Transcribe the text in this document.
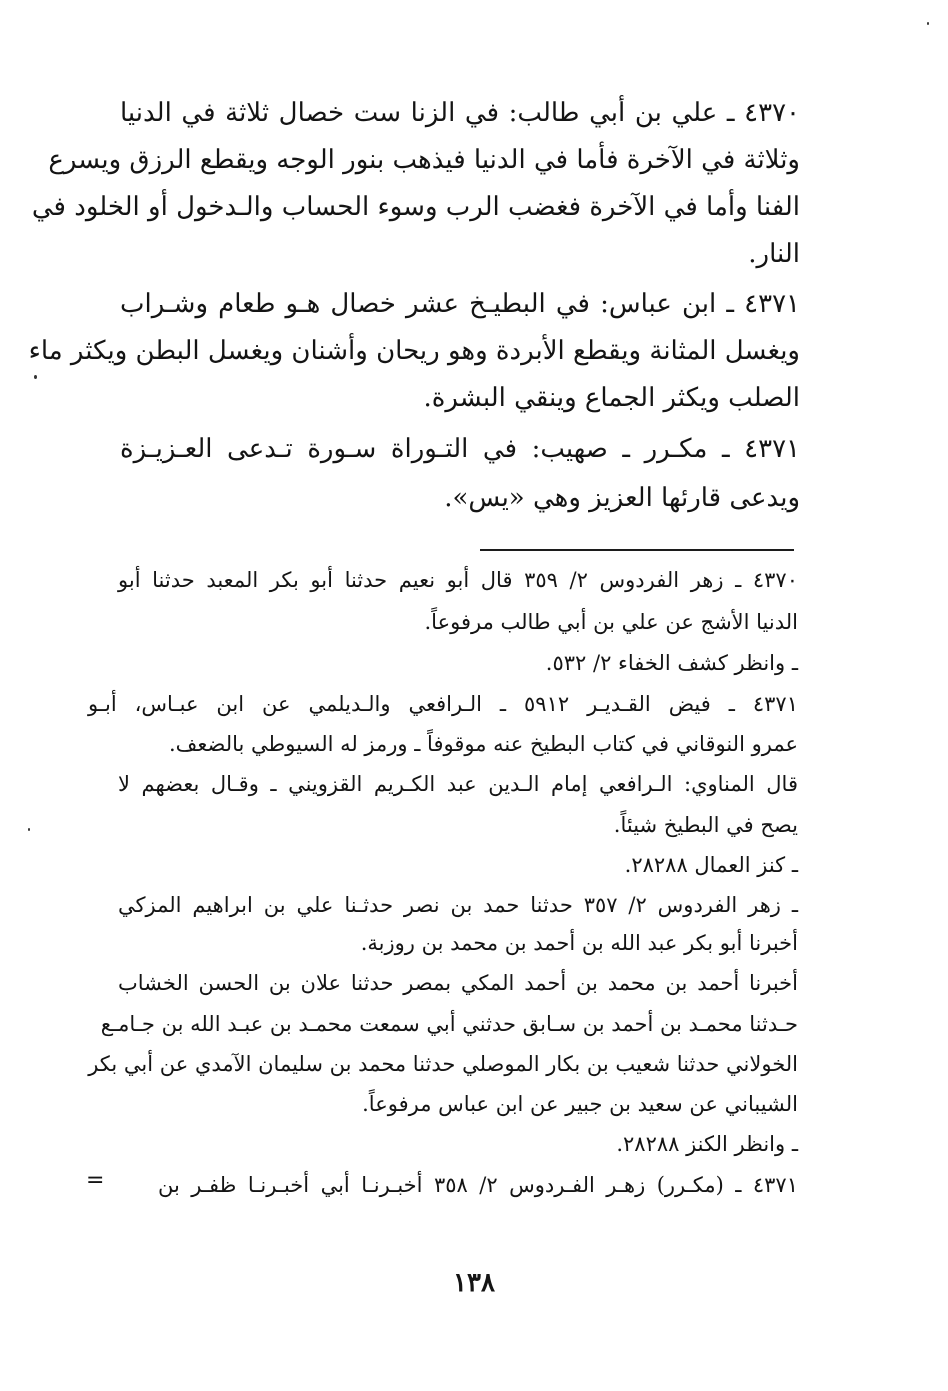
٤٣٧٠ ـ علي بن أبي طالب: في الزنا ست خصال ثلاثة في الدنيا
وثلاثة في الآخرة فأما في الدنيا فيذهب بنور الوجه ويقطع الرزق ويسرع
الفنا وأما في الآخرة فغضب الرب وسوء الحساب والـدخول أو الخلود في
النار.
٤٣٧١ ـ ابن عباس: في البطيـخ عشر خصال هـو طعام وشـراب
ويغسل المثانة ويقطع الأبردة وهو ريحان وأشنان ويغسل البطن ويكثر ماء
الصلب ويكثر الجماع وينقي البشرة.
٤٣٧١ ـ مكـرر ـ صهيب: في التـوراة سـورة تـدعى العـزيـزة
ويدعى قارئها العزيز وهي «يس».
٤٣٧٠ ـ زهر الفردوس ٢/ ٣٥٩ قال أبو نعيم حدثنا أبو بكر المعبد حدثنا أبو
الدنيا الأشج عن علي بن أبي طالب مرفوعاً.
ـ وانظر كشف الخفاء ٢/ ٥٣٢.
٤٣٧١ ـ فيض القـديـر ٥٩١٢ ـ الـرافعي والـديلمي عن ابن عبـاس، أبـو
عمرو النوقاني في كتاب البطيخ عنه موقوفاً ـ ورمز له السيوطي بالضعف.
قال المناوي: الـرافعي إمام الـدين عبد الكـريم القزويني ـ وقـال بعضهم لا
يصح في البطيخ شيئاً.
ـ كنز العمال ٢٨٢٨٨.
ـ زهر الفردوس ٢/ ٣٥٧ حدثنا حمد بن نصر حدثـنا علي بن ابراهيم المزكي
أخبرنا أبو بكر عبد الله بن أحمد بن محمد بن روزبة.
أخبرنا أحمد بن محمد بن أحمد المكي بمصر حدثنا علان بن الحسن الخشاب
حـدثنا محمـد بن أحمد بن سـابق حدثني أبي سمعت محمـد بن عبـد الله بن جـامـع
الخولاني حدثنا شعيب بن بكار الموصلي حدثنا محمد بن سليمان الآمدي عن أبي بكر
الشيباني عن سعيد بن جبير عن ابن عباس مرفوعاً.
ـ وانظر الكنز ٢٨٢٨٨.
٤٣٧١ ـ (مكـرر) زهـر الفـردوس ٢/ ٣٥٨ أخبـرنـا أبي أخبـرنـا ظفـر بن
=
١٣٨
